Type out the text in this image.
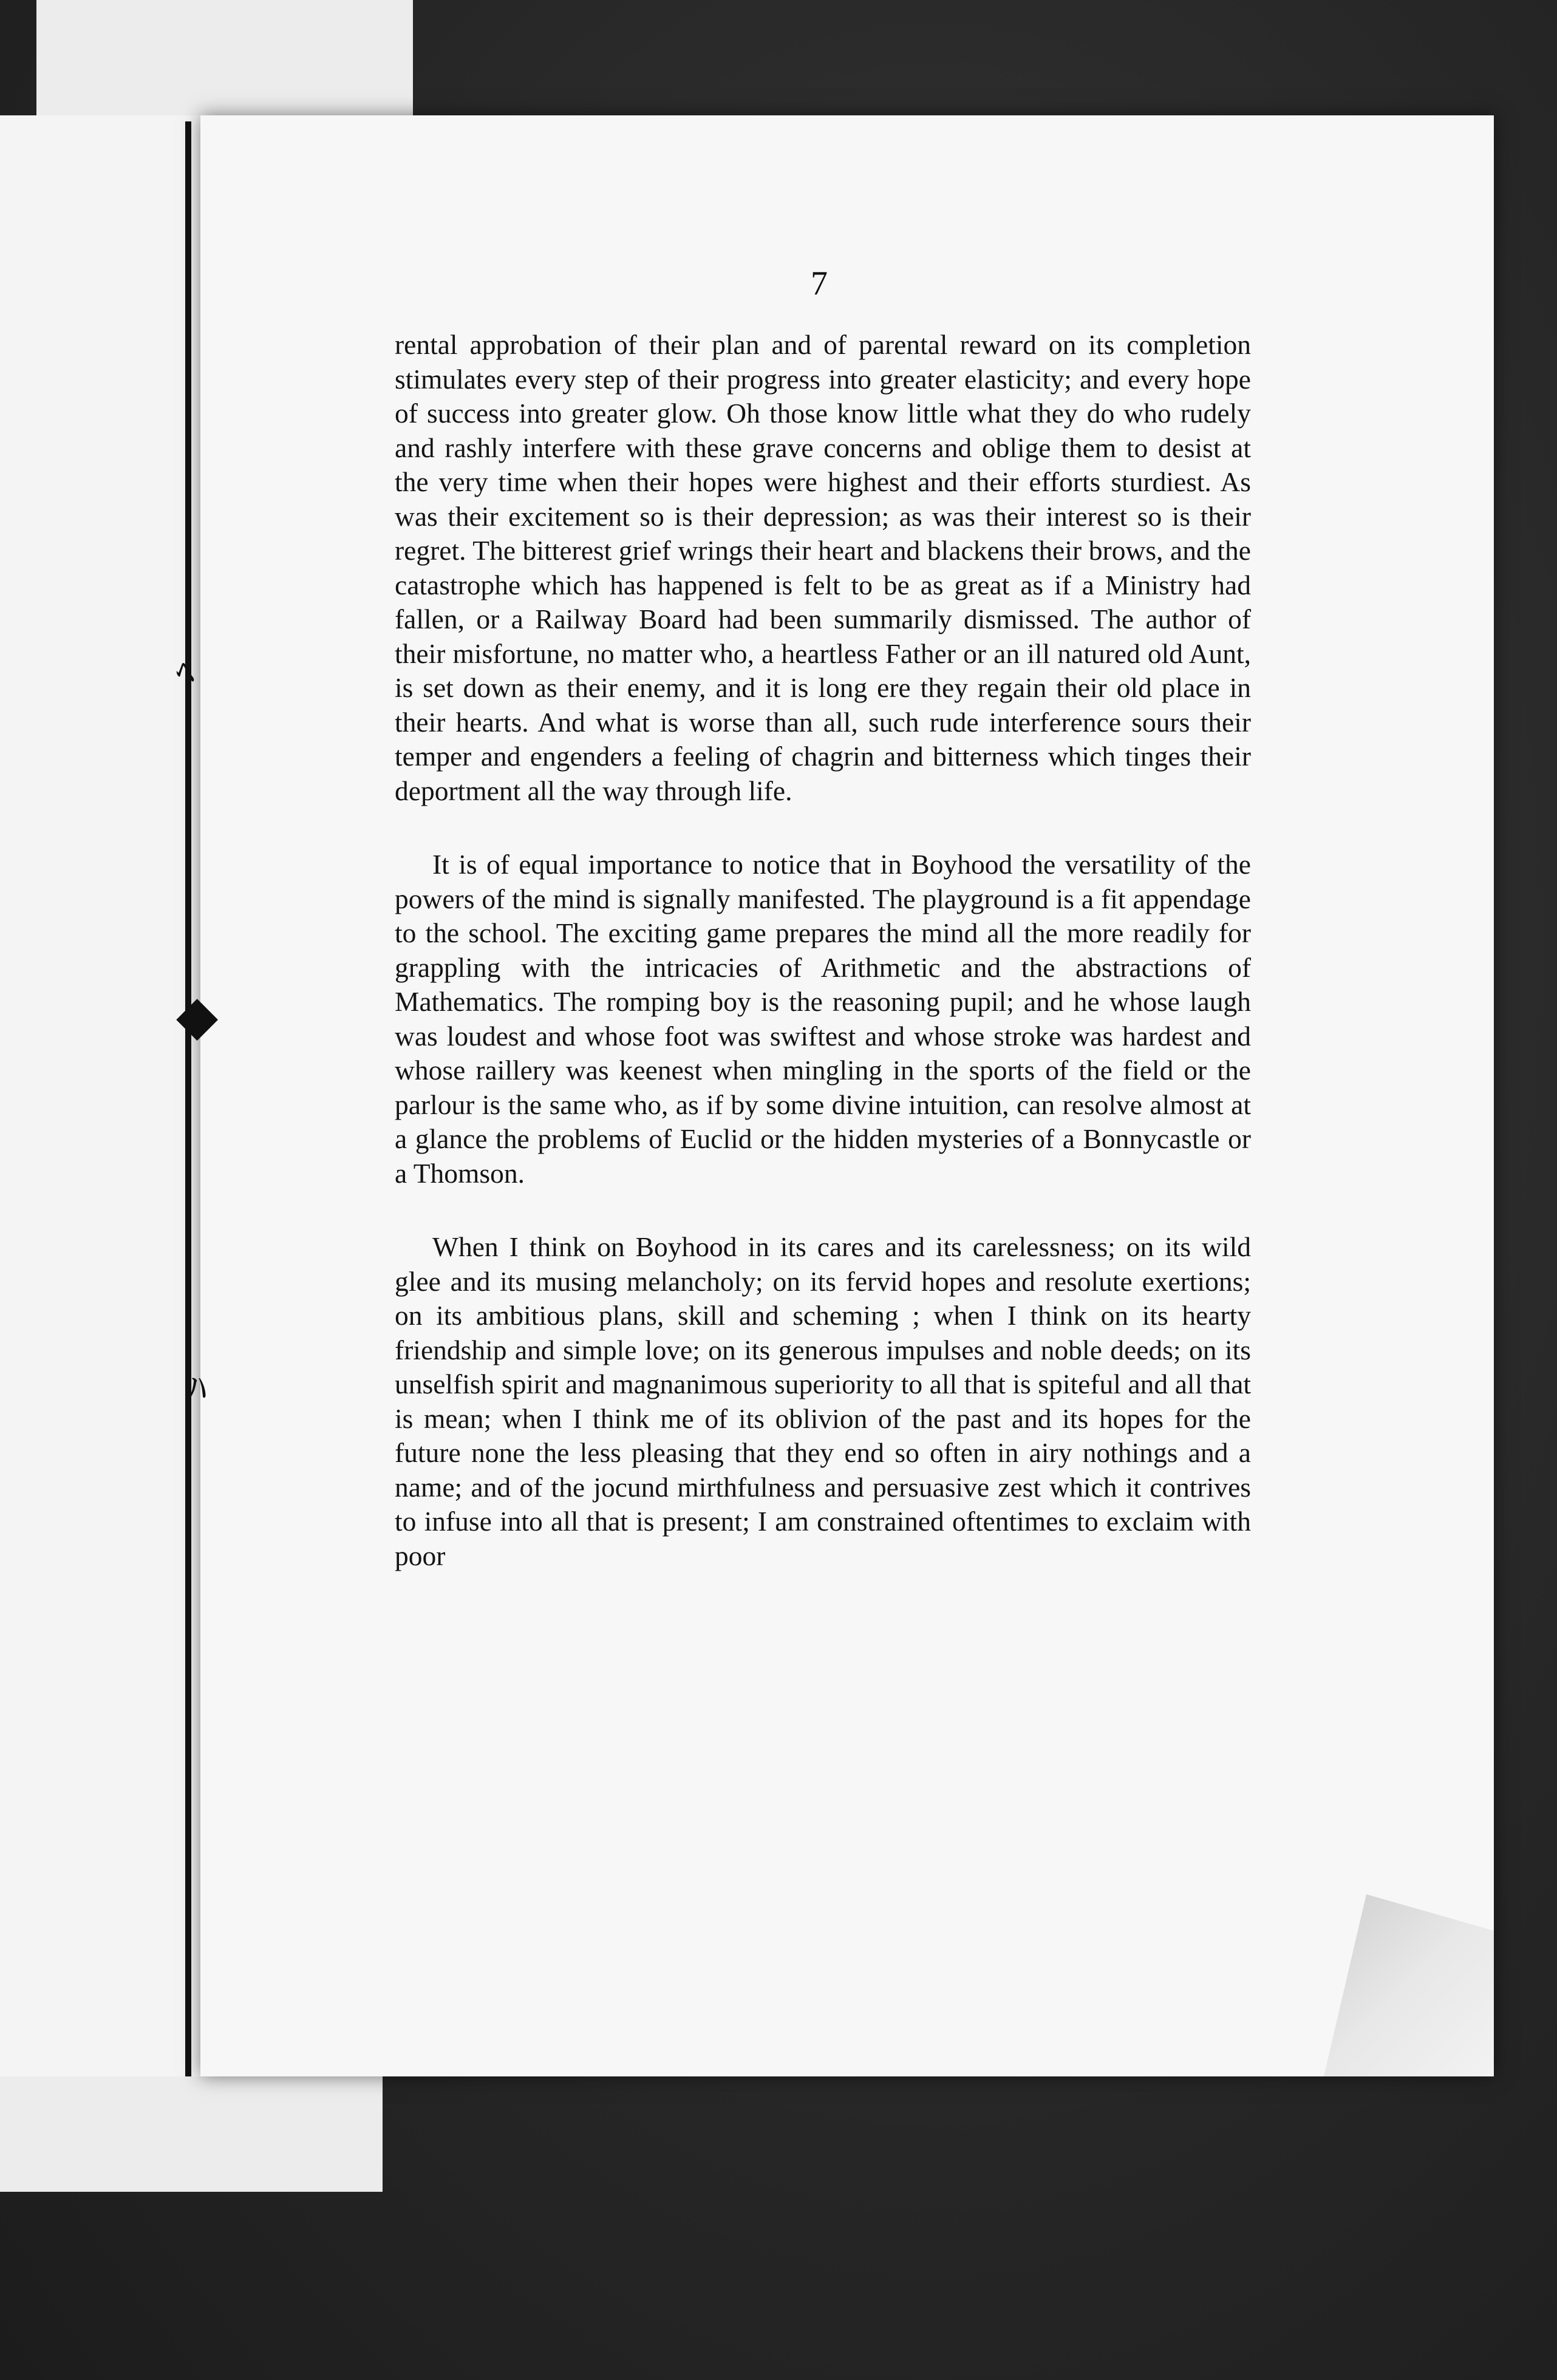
ﾍ
◆
ﾊ
7

rental approbation of their plan and of parental reward on its completion stimulates every step of their progress into greater elasticity; and every hope of success into greater glow. Oh those know little what they do who rudely and rashly interfere with these grave concerns and oblige them to desist at the very time when their hopes were highest and their efforts sturdiest. As was their excitement so is their depression; as was their interest so is their regret. The bitterest grief wrings their heart and blackens their brows, and the catastrophe which has happened is felt to be as great as if a Ministry had fallen, or a Railway Board had been summarily dismissed. The author of their misfortune, no matter who, a heartless Father or an ill natured old Aunt, is set down as their enemy, and it is long ere they regain their old place in their hearts. And what is worse than all, such rude interference sours their temper and engenders a feeling of chagrin and bitterness which tinges their deportment all the way through life.

It is of equal importance to notice that in Boyhood the versatility of the powers of the mind is signally manifested. The playground is a fit appendage to the school. The exciting game prepares the mind all the more readily for grappling with the intricacies of Arithmetic and the abstractions of Mathematics. The romping boy is the reasoning pupil; and he whose laugh was loudest and whose foot was swiftest and whose stroke was hardest and whose raillery was keenest when mingling in the sports of the field or the parlour is the same who, as if by some divine intuition, can resolve almost at a glance the problems of Euclid or the hidden mysteries of a Bonnycastle or a Thomson.

When I think on Boyhood in its cares and its carelessness; on its wild glee and its musing melancholy; on its fervid hopes and resolute exertions; on its ambitious plans, skill and scheming ; when I think on its hearty friendship and simple love; on its generous impulses and noble deeds; on its unselfish spirit and magnanimous superiority to all that is spiteful and all that is mean; when I think me of its oblivion of the past and its hopes for the future none the less pleasing that they end so often in airy nothings and a name; and of the jocund mirthfulness and persuasive zest which it contrives to infuse into all that is present; I am constrained oftentimes to exclaim with poor
